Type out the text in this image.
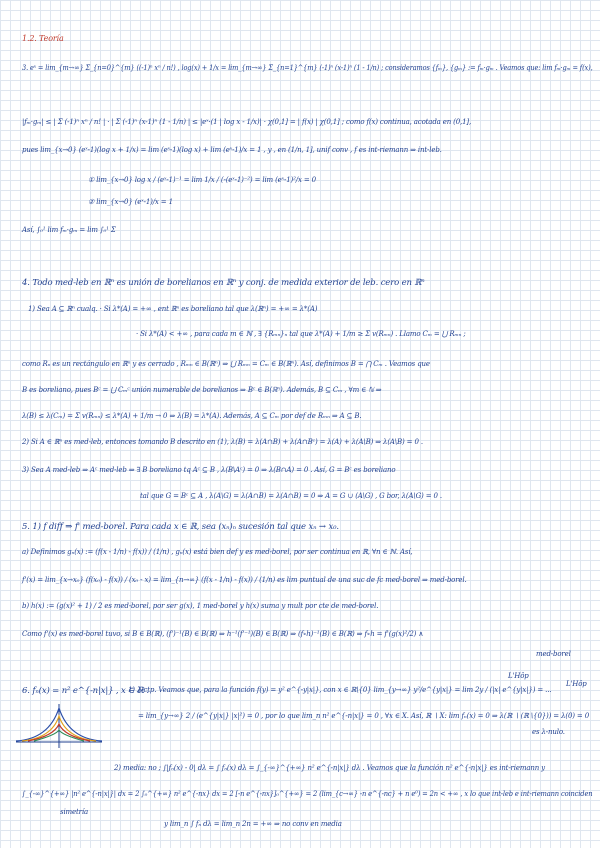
1.2. Teoría
3. eˣ = lim_{m→∞} Σ_{n=0}^{m} ((-1)ⁿ xⁿ / n!) , log(x) + 1/x = lim_{m→∞} Σ_{n=1}^{m} (-1)ⁿ (x-1)ⁿ (1 - 1/n) ; consideramos {fₘ}, {gₘ} := fₘ·gₘ . Veamos que: lim fₘ·gₘ = f(x),
|fₘ·gₘ| ≤ | Σ (-1)ⁿ xⁿ / n! | · | Σ (-1)ⁿ (x-1)ⁿ (1 - 1/n) | ≤ |eˣ·(1 | log x - 1/x)| · χ(0,1] = | f(x) | χ(0,1] ; como f(x) continua, acotada en (0,1],
pues lim_{x→0} (eˣ-1)(log x + 1/x) = lim (eˣ-1)(log x) + lim (eˣ-1)/x = 1 , y , en (1/n, 1], unif conv , f es int-riemann ⇒ int-leb.
① lim_{x→0} log x / (eˣ-1)⁻¹ = lim 1/x / (-(eˣ-1)⁻²) = lim (eˣ-1)²/x = 0
② lim_{x→0} (eˣ-1)/x = 1
Así, ∫₀¹ lim fₘ·gₘ = lim ∫₀¹ Σ
4. Todo med-leb en ℝⁿ es unión de borelianos en ℝⁿ y conj. de medida exterior de leb. cero en ℝⁿ
1) Sea A ⊆ ℝⁿ cualq. · Si λ*(A) = +∞ , ent ℝⁿ es boreliano tal que λ(ℝⁿ) = +∞ = λ*(A)
· Si λ*(A) < +∞ , para cada m ∈ ℕ , ∃ {Rₘₙ}ₙ tal que λ*(A) + 1/m ≥ Σ v(Rₘₙ) . Llamo Cₘ = ⋃ Rₘₙ ;
como Rₙ es un rectángulo en ℝⁿ y es cerrado , Rₘₙ ∈ B(ℝⁿ) ⇒ ⋃ Rₘₙ = Cₘ ∈ B(ℝⁿ). Así, definimos B = ⋂ Cₘ . Veamos que
B es boreliano, pues Bᶜ = ⋃ Cₘᶜ unión numerable de borelianos ⇒ Bᶜ ∈ B(ℝⁿ). Además, B ⊆ Cₘ , ∀m ∈ ℕ ⇒
λ(B) ≤ λ(Cₘ) = Σ v(Rₘₙ) ≤ λ*(A) + 1/m → 0 ⇒ λ(B) = λ*(A). Además, A ⊆ Cₘ por def de Rₘₙ ⇒ A ⊆ B.
2) Si A ∈ ℝⁿ es med-leb, entonces tomando B descrito en (1), λ(B) = λ(A∩B) + λ(A∩Bᶜ) = λ(A) + λ(A\B) ⇒ λ(A\B) = 0 .
3) Sea A med-leb ⇒ Aᶜ med-leb ⇒ ∃ B boreliano tq Aᶜ ⊆ B , λ(B\Aᶜ) = 0 ⇒ λ(B∩A) = 0 . Así, G = Bᶜ es boreliano
tal que G = Bᶜ ⊆ A , λ(A\G) = λ(A∩B) = λ(A∩B) = 0 ⇒ A = G ∪ (A\G) , G bor, λ(A\G) = 0 .
5. 1) f diff ⇒ f' med-borel. Para cada x ∈ ℝ, sea (xₙ)ₙ sucesión tal que xₙ → x₀.
a) Definimos gₙ(x) := (f(x - 1/n) - f(x)) / (1/n) , gₙ(x) está bien def y es med-borel, por ser continua en ℝ, ∀n ∈ ℕ. Así,
f'(x) = lim_{x→x₀} (f(x₀) - f(x)) / (x₀ - x) = lim_{n→∞} (f(x - 1/n) - f(x)) / (1/n) es lim puntual de una suc de fc med-borel ⇒ med-borel.
b) h(x) := (g(x)² + 1) / 2 es med-borel, por ser g(x), 1 med-borel y h(x) suma y mult por cte de med-borel.
Como f'(x) es med-borel tuvo, si B ∈ B(ℝ), (f')⁻¹(B) ∈ B(ℝ) ⇒ h⁻¹(f'⁻¹)(B) ∈ B(ℝ) ⇒ (f∘h)⁻¹(B) ∈ B(ℝ) ⇒ f∘h = f'(g(x)²/2) ∧
med-borel
6. fₙ(x) = n² e^{-n|x|} , x ∈ ℝ .
1) λ-ctp. Veamos que, para la función f(y) = y² e^{-y|x|}, con x ∈ ℝ\{0} lim_{y→∞} y²/e^{y|x|} = lim 2y / (|x| e^{y|x|}) = ...
= lim_{y→∞} 2 / (e^{y|x|} |x|²) = 0 , por lo que lim_n n² e^{-n|x|} = 0 , ∀x ∈ X. Así, ℝ ∖ X: lim fₙ(x) = 0 ⇒ λ(ℝ ∖ (ℝ∖{0})) = λ(0) = 0
es λ-nulo.
2) media: no ; ∫|fₙ(x) - 0| dλ = ∫ fₙ(x) dλ = ∫_{-∞}^{+∞} n² e^{-n|x|} dλ . Veamos que la función n² e^{-n|x|} es int-riemann y
∫_{-∞}^{+∞} |n² e^{-n|x|}| dx = 2 ∫₀^{+∞} n² e^{-nx} dx = 2 [-n e^{-nx}]₀^{+∞} = 2 (lim_{c→∞} -n e^{-nc} + n e⁰) = 2n < +∞ , x lo que int-leb e int-riemann coinciden
y lim_n ∫ fₙ dλ = lim_n 2n = +∞ ⇒ no conv en media
L'Hôp
L'Hôp
simetría
